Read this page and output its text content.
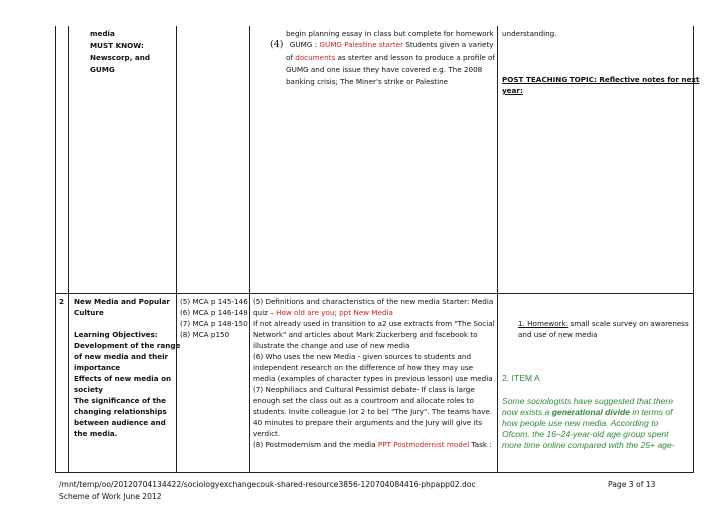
media
MUST KNOW:
Newscorp, and
GUMG
begin planning essay in class but complete for homework
(4) GUMG : GUMG Palestine starter Students given a variety
of documents as sterter and lesson to produce a profile of
GUMG and one issue they have covered e.g. The 2008
banking crisis; The Miner's strike or Palestine
understanding.
POST TEACHING TOPIC: Reflective notes for next
year:
2 New Media and Popular
Culture
Learning Objectives:
Development of the range
of new media and their
importance
Effects of new media on
society
The significance of the
changing relationships
between audience and
the media.
(5) MCA p 145-146
(6) MCA p 146-148
(7) MCA p 148-150
(8) MCA p150
(5) Definitions and characteristics of the new media Starter: Media
quiz – How old are you; ppt New Media
If not already used in transition to a2 use extracts from "The Social
Network" and articles about Mark Zuckerberg and facebook to
illustrate the change and use of new media
(6) Who uses the new Media - given sources to students and
independent research on the difference of how they may use
media (examples of character types in previous lesson) use media
(7) Neophiliacs and Cultural Pessimist debate- If class is large
enough set the class out as a courtroom and allocate roles to
students. Invite colleague (or 2 to be) "The Jury". The teams have
40 minutes to prepare their arguments and the Jury will give its
verdict.
(8) Postmodernism and the media PPT Postmodernist model Task :
1. Homework: small scale survey on awareness
and use of new media
2. ITEM A
Some sociologists have suggested that there
now exists a generational divide in terms of
how people use new media. According to
Ofcom, the 16–24-year-old age group spent
more time online compared with the 25+ age-
/mnt/temp/oo/20120704134422/sociologyexchangecouk-shared-resource3856-120704084416-phpapp02.doc	Page 3 of 13
Scheme of Work June 2012
